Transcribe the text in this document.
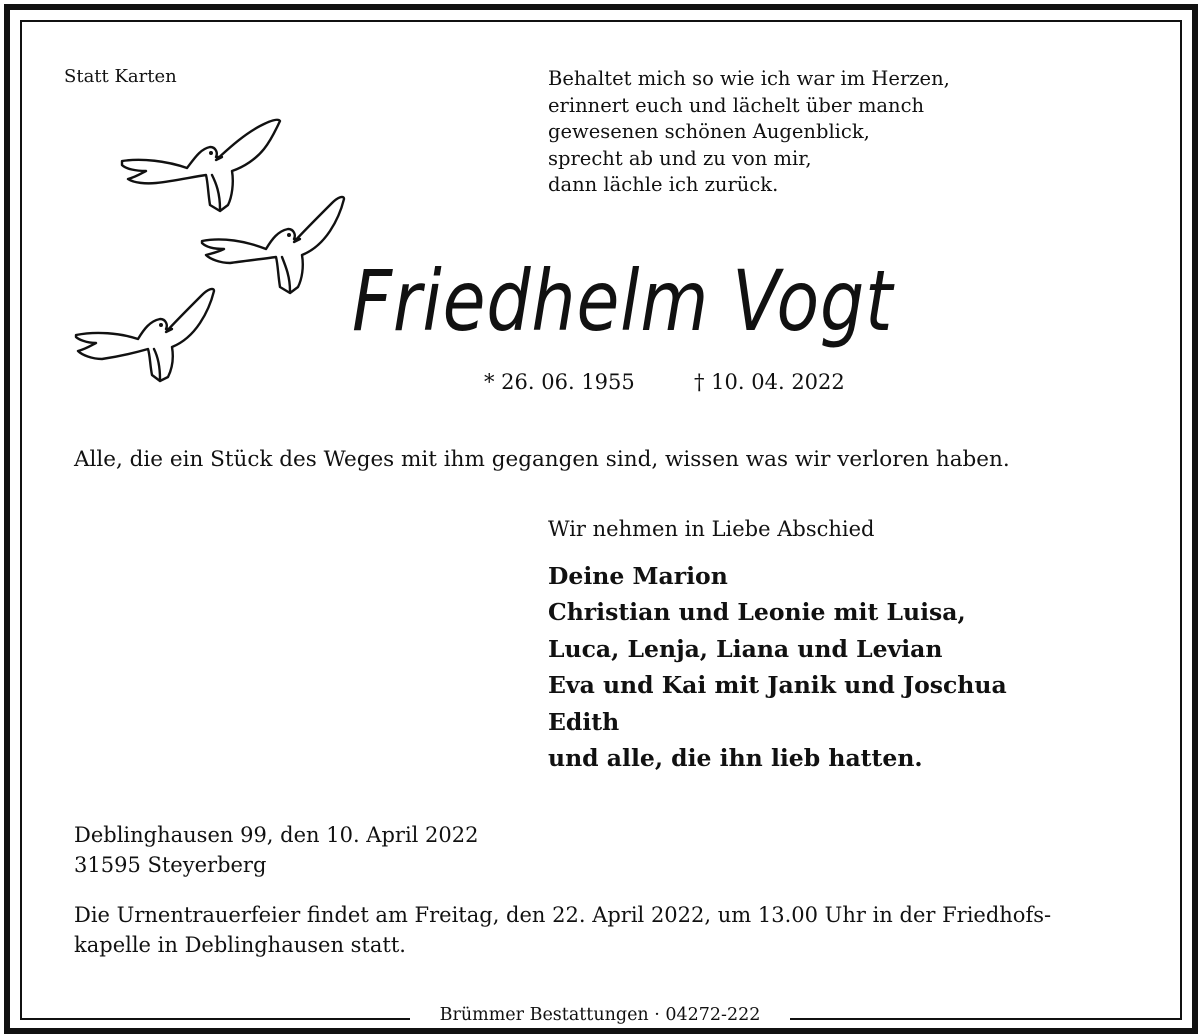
Statt Karten	Behaltet mich so wie ich war im Herzen,
erinnert euch und lächelt über manch
gewesenen schönen Augenblick,
sprecht ab und zu von mir,
dann lächle ich zurück.

Friedhelm Vogt

* 26. 06. 1955	† 10. 04. 2022

Alle, die ein Stück des Weges mit ihm gegangen sind, wissen was wir verloren haben.

Wir nehmen in Liebe Abschied

Deine Marion
Christian und Leonie mit Luisa,
Luca, Lenja, Liana und Levian
Eva und Kai mit Janik und Joschua
Edith
und alle, die ihn lieb hatten.
Deblinghausen 99, den 10. April 2022
31595 Steyerberg
Die Urnentrauerfeier findet am Freitag, den 22. April 2022, um 13.00 Uhr in der Friedhofs-
kapelle in Deblinghausen statt.
Brümmer Bestattungen · 04272-222
